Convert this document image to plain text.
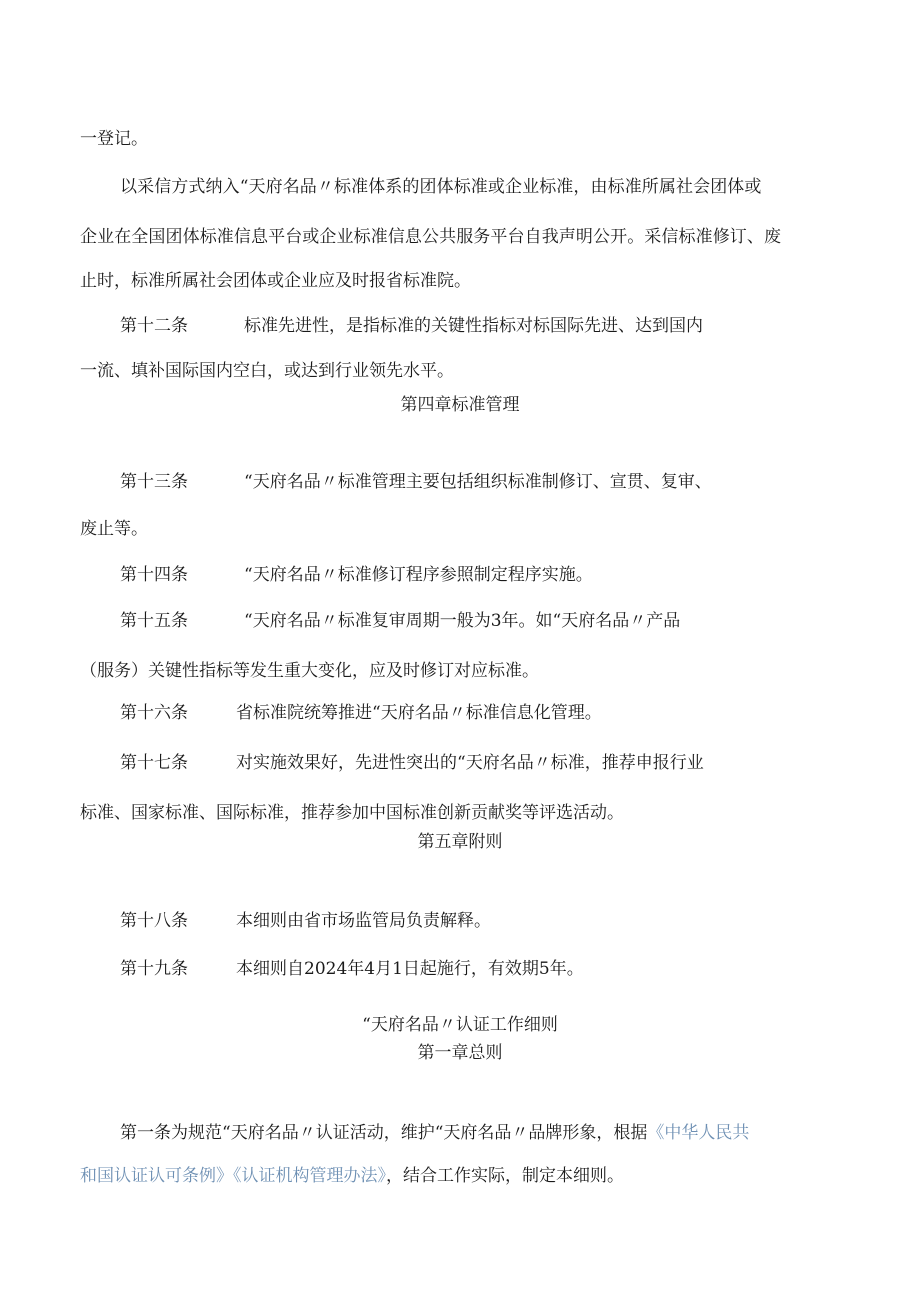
一登记。
以采信方式纳入“天府名品〃标准体系的团体标准或企业标准，由标准所属社会团体或
企业在全国团体标准信息平台或企业标准信息公共服务平台自我声明公开。采信标准修订、废
止时，标准所属社会团体或企业应及时报省标准院。
第十二条	标准先进性，是指标准的关键性指标对标国际先进、达到国内
一流、填补国际国内空白，或达到行业领先水平。
第四章标准管理
第十三条	“天府名品〃标准管理主要包括组织标准制修订、宣贯、复审、
废止等。
第十四条	“天府名品〃标准修订程序参照制定程序实施。
第十五条	“天府名品〃标准复审周期一般为3年。如“天府名品〃产品
（服务）关键性指标等发生重大变化，应及时修订对应标准。
第十六条	省标准院统筹推进“天府名品〃标准信息化管理。
第十七条	对实施效果好，先进性突出的“天府名品〃标准，推荐申报行业
标准、国家标准、国际标准，推荐参加中国标准创新贡献奖等评选活动。
第五章附则
第十八条	本细则由省市场监管局负责解释。
第十九条	本细则自2024年4月1日起施行，有效期5年。
“天府名品〃认证工作细则
第一章总则
第一条为规范“天府名品〃认证活动，维护“天府名品〃品牌形象，根据《中华人民共
和国认证认可条例》《认证机构管理办法》，结合工作实际，制定本细则。
